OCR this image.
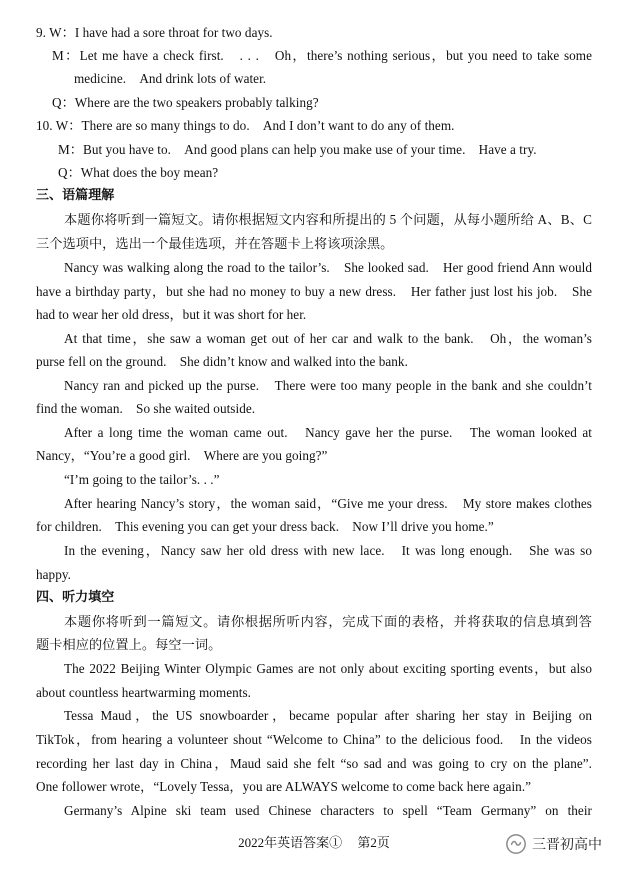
9. W：I have had a sore throat for two days.
M：Let me have a check first.　. . .　Oh，there’s nothing serious，but you need to take some
medicine.　And drink lots of water.
Q：Where are the two speakers probably talking?
10. W：There are so many things to do.　And I don’t want to do any of them.
M：But you have to.　And good plans can help you make use of your time.　Have a try.
Q：What does the boy mean?
三、语篇理解
本题你将听到一篇短文。请你根据短文内容和所提出的 5 个问题，从每小题所给 A、B、C
三个选项中，选出一个最佳选项，并在答题卡上将该项涂黑。
Nancy was walking along the road to the tailor’s.　She looked sad.　Her good friend Ann would
have a birthday party，but she had no money to buy a new dress.　Her father just lost his job.　She
had to wear her old dress，but it was short for her.
At that time，she saw a woman get out of her car and walk to the bank.　Oh，the woman’s
purse fell on the ground.　She didn’t know and walked into the bank.
Nancy ran and picked up the purse.　There were too many people in the bank and she couldn’t
find the woman.　So she waited outside.
After a long time the woman came out.　Nancy gave her the purse.　The woman looked at
Nancy，“You’re a good girl.　Where are you going?”
“I’m going to the tailor’s. . .”
After hearing Nancy’s story，the woman said，“Give me your dress.　My store makes clothes
for children.　This evening you can get your dress back.　Now I’ll drive you home.”
In the evening，Nancy saw her old dress with new lace.　It was long enough.　She was so
happy.
四、听力填空
本题你将听到一篇短文。请你根据所听内容，完成下面的表格，并将获取的信息填到答
题卡相应的位置上。每空一词。
The 2022 Beijing Winter Olympic Games are not only about exciting sporting events，but also
about countless heartwarming moments.
Tessa Maud，the US snowboarder，became popular after sharing her stay in Beijing on
TikTok，from hearing a volunteer shout “Welcome to China” to the delicious food.　In the videos
recording her last day in China，Maud said she felt “so sad and was going to cry on the plane”.
One follower wrote，“Lovely Tessa，you are ALWAYS welcome to come back here again.”
Germany’s Alpine ski team used Chinese characters to spell “Team Germany” on their
2022年英语答案① 第2页	三晋初高中
